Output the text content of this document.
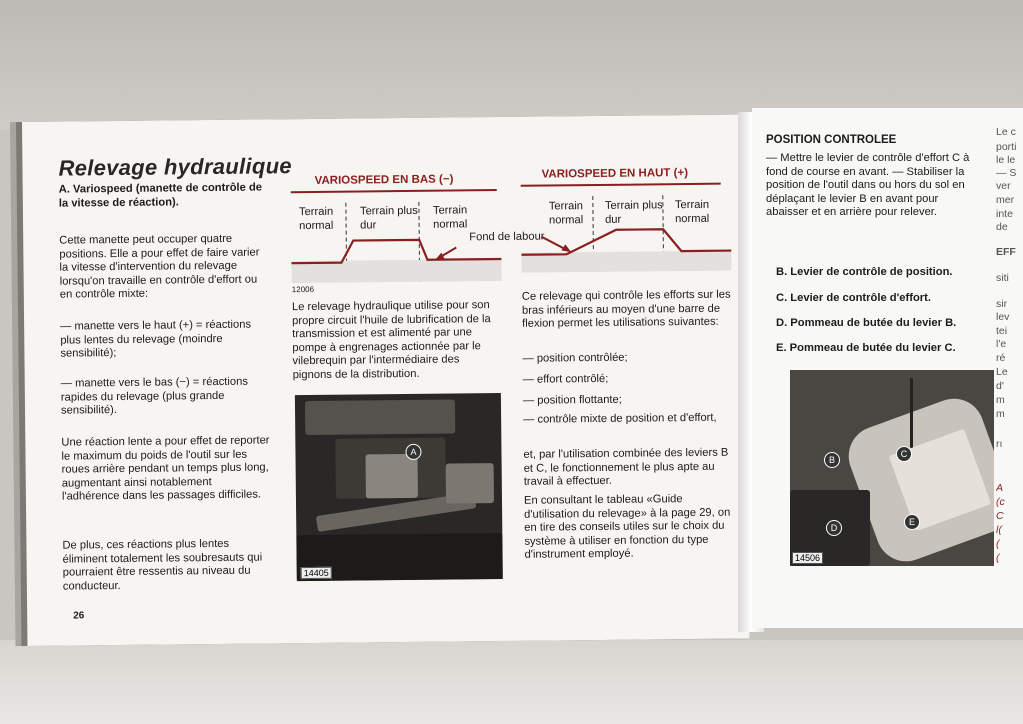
Relevage hydraulique
A. Variospeed (manette de contrôle de la vitesse de réaction).
Cette manette peut occuper quatre positions. Elle a pour effet de faire varier la vitesse d'intervention du relevage lorsqu'on travaille en contrôle d'effort ou en contrôle mixte:
— manette vers le haut (+) = réactions plus lentes du relevage (moindre sensibilité);
— manette vers le bas (−) = réactions rapides du relevage (plus grande sensibilité).
Une réaction lente a pour effet de reporter le maximum du poids de l'outil sur les roues arrière pendant un temps plus long, augmentant ainsi notablement l'adhérence dans les passages difficiles.
De plus, ces réactions plus lentes éliminent totalement les soubresauts qui pourraient être ressentis au niveau du conducteur.
26
VARIOSPEED EN BAS (−)
Terrain normal
Terrain plus dur
Terrain normal
12006
Fond de labour
VARIOSPEED EN HAUT (+)
Terrain normal
Terrain plus dur
Terrain normal
Le relevage hydraulique utilise pour son propre circuit l'huile de lubrification de la transmission et est alimenté par une pompe à engrenages actionnée par le vilebrequin par l'intermédiaire des pignons de la distribution.
A
14405
Ce relevage qui contrôle les efforts sur les bras inférieurs au moyen d'une barre de flexion permet les utilisations suivantes:
— position contrôlée;
— effort contrôlé;
— position flottante;
— contrôle mixte de position et d'effort,
et, par l'utilisation combinée des leviers B et C, le fonctionnement le plus apte au travail à effectuer.
En consultant le tableau «Guide d'utilisation du relevage» à la page 29, on en tire des conseils utiles sur le choix du système à utiliser en fonction du type d'instrument employé.
POSITION CONTROLEE
— Mettre le levier de contrôle d'effort C à fond de course en avant. — Stabiliser la position de l'outil dans ou hors du sol en déplaçant le levier B en avant pour abaisser et en arrière pour relever.
B. Levier de contrôle de position.
C. Levier de contrôle d'effort.
D. Pommeau de butée du levier B.
E. Pommeau de butée du levier C.
B
C
D
E
14506
Le c
porti
le le
— S
ver
mer
inte
de
EFF
siti
sir
lev
tei
l'e
ré
Le
d'
m
m
rı
A
(c
C
l(
(
(
